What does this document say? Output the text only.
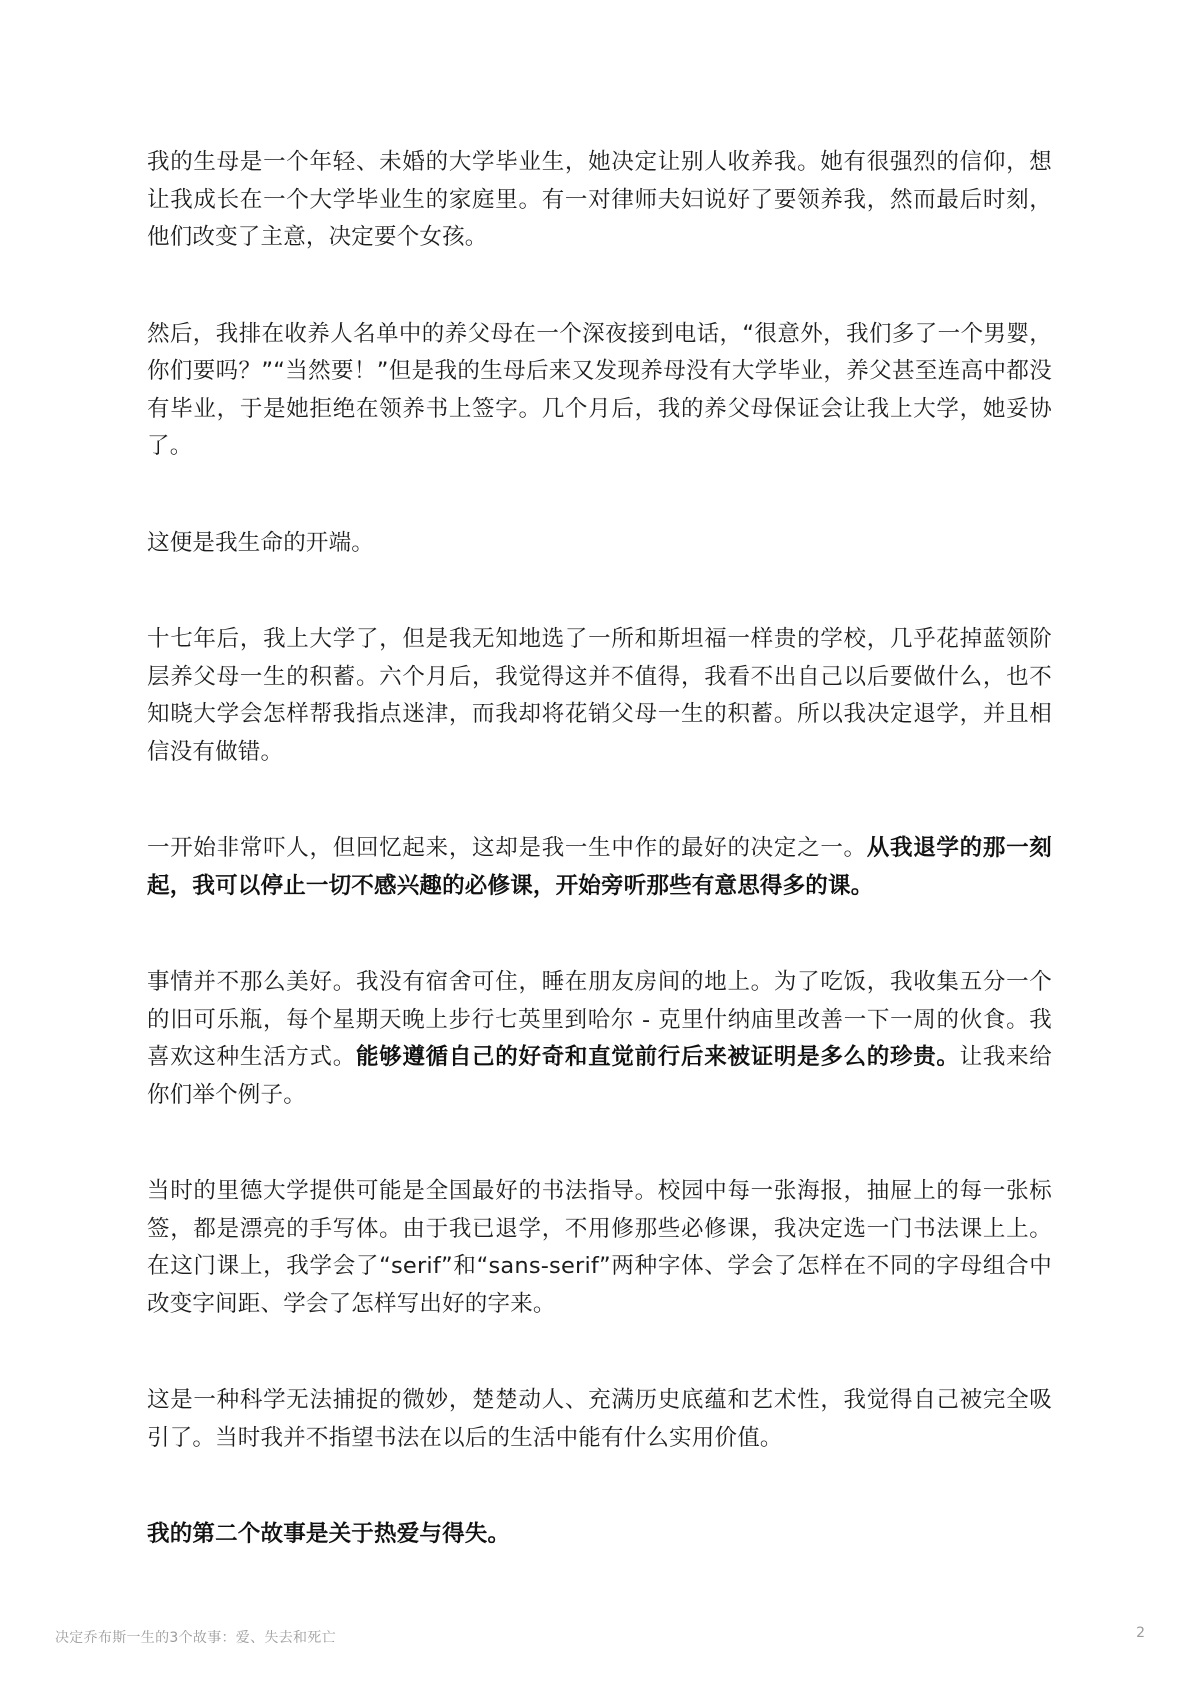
我的生母是一个年轻、未婚的大学毕业生，她决定让别人收养我。她有很强烈的信仰，想让我成长在一个大学毕业生的家庭里。有一对律师夫妇说好了要领养我，然而最后时刻，他们改变了主意，决定要个女孩。

然后，我排在收养人名单中的养父母在一个深夜接到电话，“很意外，我们多了一个男婴，你们要吗？”“当然要！”但是我的生母后来又发现养母没有大学毕业，养父甚至连高中都没有毕业，于是她拒绝在领养书上签字。几个月后，我的养父母保证会让我上大学，她妥协了。

这便是我生命的开端。

十七年后，我上大学了，但是我无知地选了一所和斯坦福一样贵的学校，几乎花掉蓝领阶层养父母一生的积蓄。六个月后，我觉得这并不值得，我看不出自己以后要做什么，也不知晓大学会怎样帮我指点迷津，而我却将花销父母一生的积蓄。所以我决定退学，并且相信没有做错。

一开始非常吓人，但回忆起来，这却是我一生中作的最好的决定之一。从我退学的那一刻起，我可以停止一切不感兴趣的必修课，开始旁听那些有意思得多的课。

事情并不那么美好。我没有宿舍可住，睡在朋友房间的地上。为了吃饭，我收集五分一个的旧可乐瓶，每个星期天晚上步行七英里到哈尔 - 克里什纳庙里改善一下一周的伙食。我喜欢这种生活方式。能够遵循自己的好奇和直觉前行后来被证明是多么的珍贵。让我来给你们举个例子。

当时的里德大学提供可能是全国最好的书法指导。校园中每一张海报，抽屉上的每一张标签，都是漂亮的手写体。由于我已退学，不用修那些必修课，我决定选一门书法课上上。在这门课上，我学会了“serif”和“sans-serif”两种字体、学会了怎样在不同的字母组合中改变字间距、学会了怎样写出好的字来。

这是一种科学无法捕捉的微妙，楚楚动人、充满历史底蕴和艺术性，我觉得自己被完全吸引了。当时我并不指望书法在以后的生活中能有什么实用价值。

我的第二个故事是关于热爱与得失。

决定乔布斯一生的3个故事：爱、失去和死亡	2
